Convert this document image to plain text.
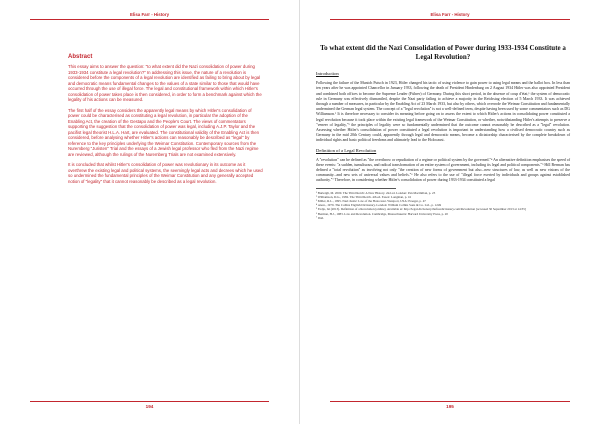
Elisa Farr - History
Abstract

This essay aims to answer the question: "to what extent did the Nazi consolidation of power during 1933-1934 constitute a legal revolution?" In addressing this issue, the nature of a revolution is considered before the components of a legal revolution are identified as failing to bring about by legal and democratic means fundamental changes to the values of a state similar to those that would have occurred through the use of illegal force. The legal and constitutional framework within which Hitler's consolidation of power takes place is then considered, in order to form a benchmark against which the legality of his actions can be measured.

The first half of the essay considers the apparently legal means by which Hitler's consolidation of power could be characterised as constituting a legal revolution, in particular the adoption of the Enabling Act, the creation of the Gestapo and the People's Court. The views of commentators supporting the suggestion that the consolidation of power was legal, including A.J.P. Taylor and the pacifist legal theorist H.L.A. Hart, are evaluated. The constitutional validity of the Enabling Act is then considered, before analysing whether Hitler's actions can reasonably be described as "legal" by reference to the key principles underlying the Weimar Constitution. Contemporary sources from the Nuremberg "Juristen" Trial and the essays of a Jewish legal professor who fled from the Nazi regime are reviewed, although the rulings of the Nuremberg Trials are not examined extensively.

It is concluded that whilst Hitler's consolidation of power was revolutionary in its outcome as it overthrew the existing legal and political systems, the seemingly legal acts and decrees which he used so undermined the fundamental principles of the Weimar Constitution and any generally accepted notion of "legality" that it cannot reasonably be described as a legal revolution.

194
Elisa Farr - History
195
To what extent did the Nazi Consolidation of Power during 1933-1934 Constitute a Legal Revolution?
Introduction

Following the failure of the Munich Putsch in 1923, Hitler changed his tactic of using violence to gain power to using legal means and the ballot box. In less than ten years after he was appointed Chancellor in January 1933, following the death of President Hindenburg on 2 August 1934 Hitler was also appointed President and combined both offices to become the Supreme Leader (Führer) of Germany. During this short period, in the absence of coup d'état,¹ the system of democratic rule in Germany was effectively dismantled, despite the Nazi party failing to achieve a majority in the Reichstag election of 5 March 1933. It was achieved through a number of measures, in particular by the Enabling Act of 23 March 1933, but also by others, which overrode the Weimar Constitution and fundamentally undermined the German legal system. The concept of a "legal revolution" is not a well-defined term, despite having been used by some commentators such as DG Williamson.² It is therefore necessary to consider its meaning before going on to assess the extent to which Hitler's actions in consolidating power constituted a legal revolution because it took place within the existing legal framework of the Weimar Constitution, or whether, notwithstanding Hitler's attempts to preserve a "veneer of legality,"³ the principles of legality were so fundamentally undermined that the outcome cannot reasonably be described as a "legal" revolution. Assessing whether Hitler's consolidation of power constituted a legal revolution is important in understanding how a civilised democratic country such as Germany in the mid 20th Century could, apparently through legal and democratic means, become a dictatorship characterised by the complete breakdown of individual rights and basic political freedoms and ultimately lead to the Holocaust.

Definition of a Legal Revolution

A "revolution" can be defined as "the overthrow or repudiation of a regime or political system by the governed."⁴ An alternative definition emphasises the speed of these events: "a sudden, tumultuous, and radical transformation of an entire system of government, including its legal and political components."⁵ Hill Berman has defined a "total revolution" as involving not only "the creation of new forms of government but also...new structures of law, as well as new visions of the community...and new sets of universal values and beliefs."⁶ He also refers to the use of "illegal force exerted by individuals and groups against established authority."⁷ Therefore, in considering whether Hitler's consolidation of power during 1933-1934 constituted a legal

¹ Burleigh, M. 2000. The Third Reich: A New History. 2nd ed. London: Pan Macmillan, p. 23
² Williamson, D.G., 1982. The Third Reich. 4th ed. Essex: Longman, p. 16
³ Miller, R.L., 1995. Nazi Justiz: Law of the Holocaust. Westport, USA: Praeger, p. 47
⁴ Anon., 1979. The Collins English Dictionary. London: William Collins Sons & Co. Ltd., p. 1249
⁵ Fedjo, Isi (2013). Definition of a Revolution [online]. Available at: http://legal-dictionary.thefreedictionary.com/Revolution [accessed 30 September 2013 at 14:35]
⁶ Berman, H.J., 1983. Law and Revolution. Cambridge, Massachusetts: Harvard University Press, p. 20
⁷ Ibid.
